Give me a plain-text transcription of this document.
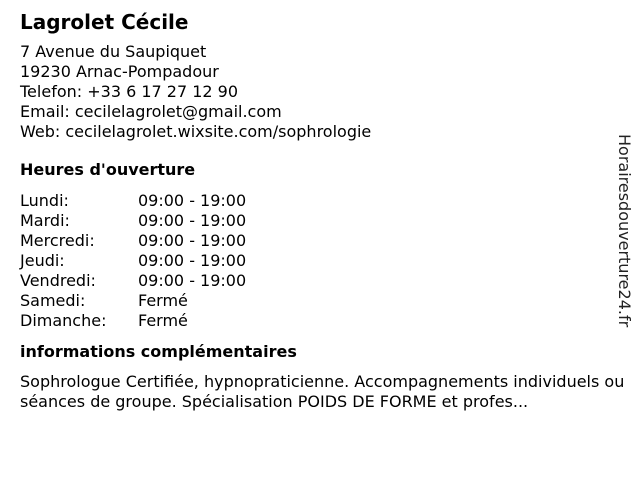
Lagrolet Cécile
7 Avenue du Saupiquet
19230 Arnac-Pompadour
Telefon: +33 6 17 27 12 90
Email: cecilelagrolet@gmail.com
Web: cecilelagrolet.wixsite.com/sophrologie
Heures d'ouverture
Lundi:	09:00 - 19:00
Mardi:	09:00 - 19:00
Mercredi:	09:00 - 19:00
Jeudi:	09:00 - 19:00
Vendredi:	09:00 - 19:00
Samedi:	Fermé
Dimanche:	Fermé
informations complémentaires
Sophrologue Certifiée, hypnopraticienne. Accompagnements individuels ou séances de groupe. Spécialisation POIDS DE FORME et profes...
Horairesdouverture24.fr
